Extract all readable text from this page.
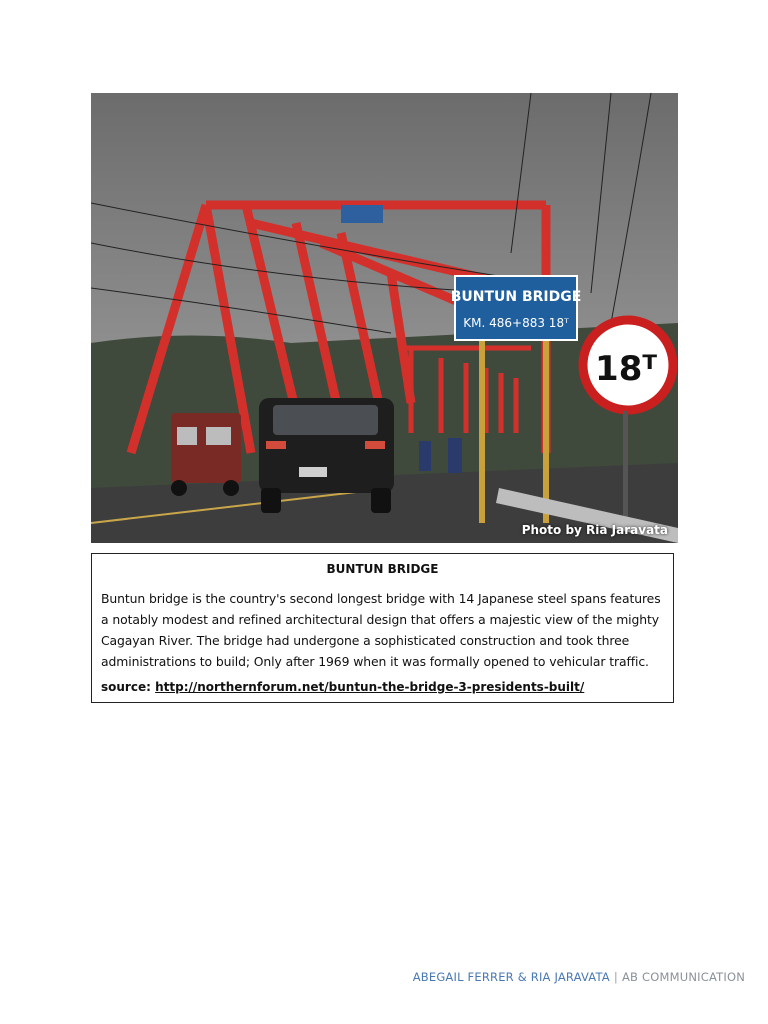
BUNTUN BRIDGE
KM. 486+883 18ᵀ
18ᵀ
Photo by Ria Jaravata
BUNTUN BRIDGE

Buntun bridge is the country's second longest bridge with 14 Japanese steel spans features a notably modest and refined architectural design that offers a majestic view of the mighty Cagayan River. The bridge had undergone a sophisticated construction and took three administrations to build; Only after 1969 when it was formally opened to vehicular traffic.

source: http://northernforum.net/buntun-the-bridge-3-presidents-built/
ABEGAIL FERRER & RIA JARAVATA | AB COMMUNICATION
